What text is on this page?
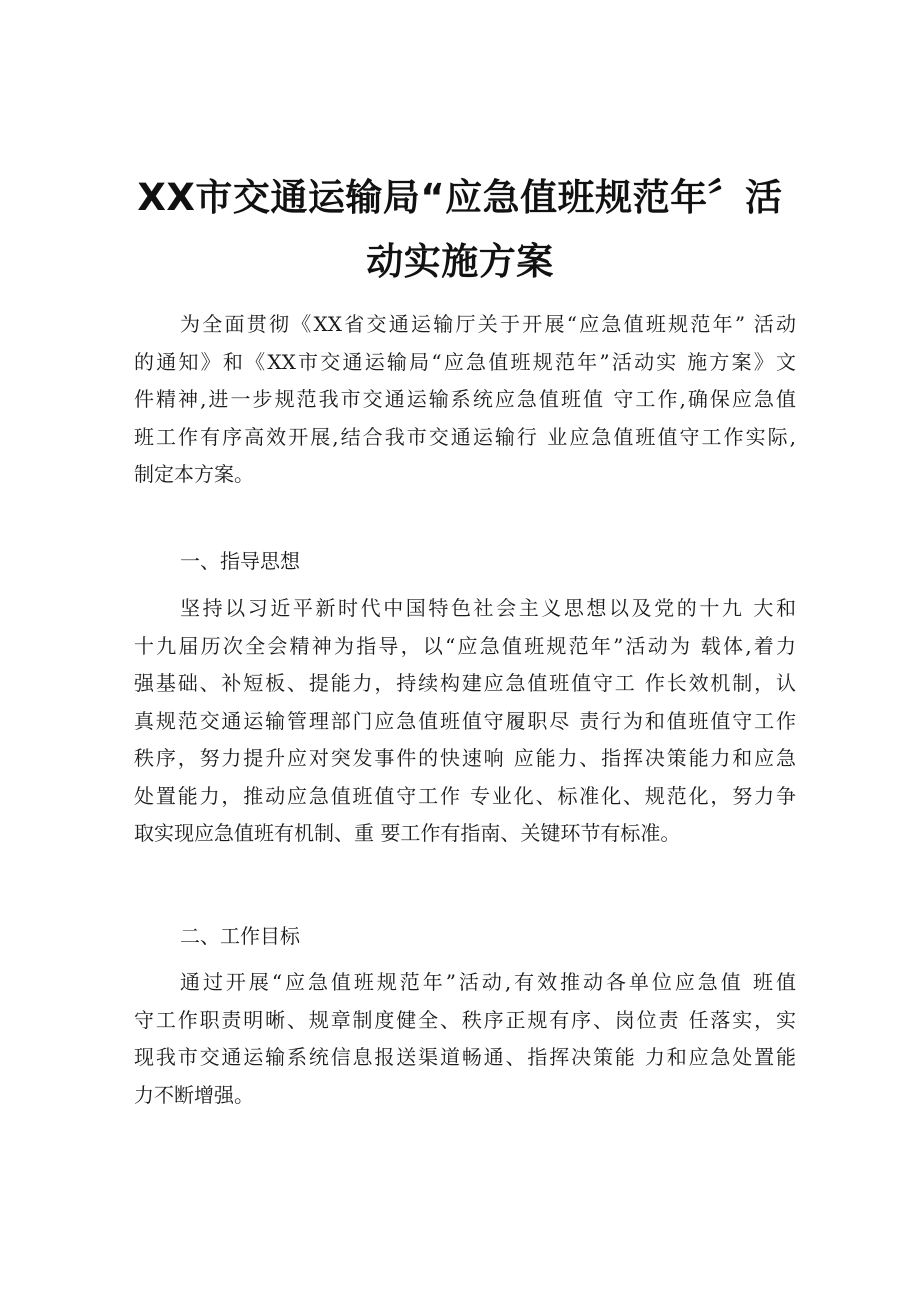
XX市交通运输局“应急值班规范年〞活
动实施方案
为全面贯彻《XX省交通运输厅关于开展“应急值班规范年” 活动
的通知》和《XX市交通运输局“应急值班规范年”活动实 施方案》文
件精神,进一步规范我市交通运输系统应急值班值 守工作,确保应急值
班工作有序高效开展,结合我市交通运输行 业应急值班值守工作实际,
制定本方案。
一、指导思想
坚持以习近平新时代中国特色社会主义思想以及党的十九 大和
十九届历次全会精神为指导，以“应急值班规范年”活动为 载体,着力
强基础、补短板、提能力，持续构建应急值班值守工 作长效机制，认
真规范交通运输管理部门应急值班值守履职尽 责行为和值班值守工作
秩序，努力提升应对突发事件的快速响 应能力、指挥决策能力和应急
处置能力，推动应急值班值守工作 专业化、标准化、规范化，努力争
取实现应急值班有机制、重 要工作有指南、关键环节有标准。
二、工作目标
通过开展“应急值班规范年”活动,有效推动各单位应急值 班值
守工作职责明晰、规章制度健全、秩序正规有序、岗位责 任落实，实
现我市交通运输系统信息报送渠道畅通、指挥决策能 力和应急处置能
力不断增强。
